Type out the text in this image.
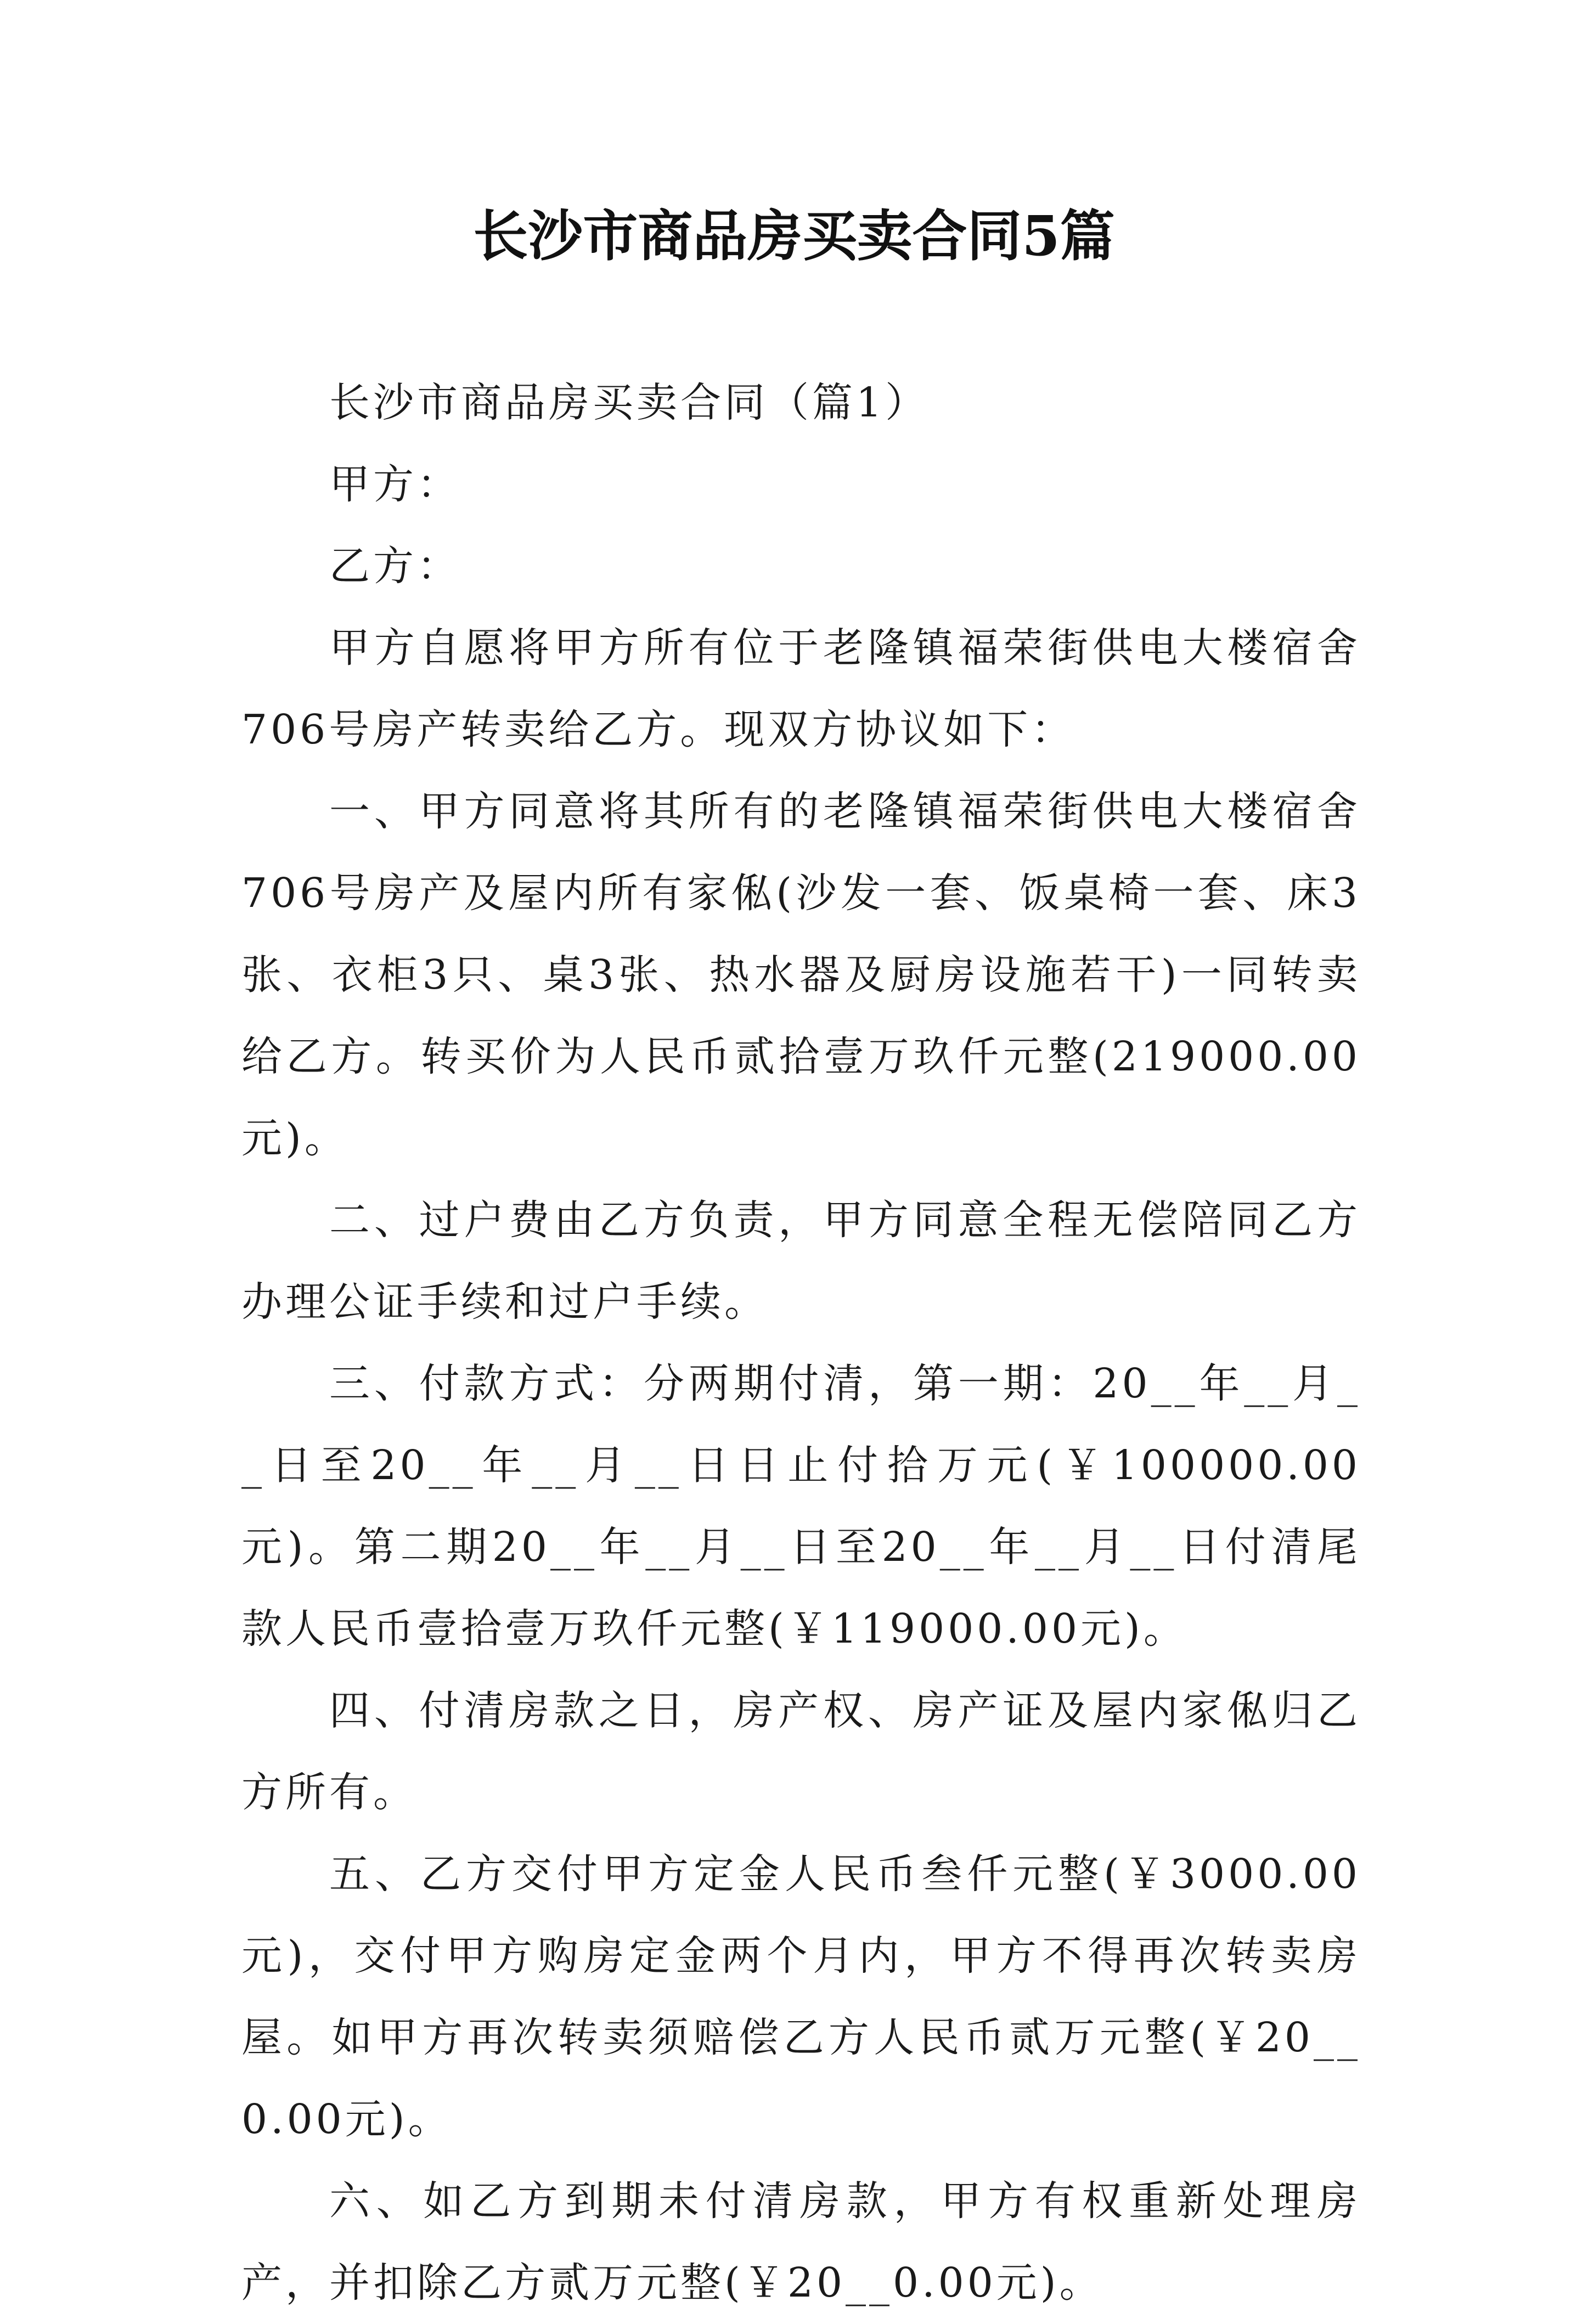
长沙市商品房买卖合同5篇

长沙市商品房买卖合同（篇1）

甲方：

乙方：

甲方自愿将甲方所有位于老隆镇福荣街供电大楼宿舍706号房产转卖给乙方。现双方协议如下：

一、甲方同意将其所有的老隆镇福荣街供电大楼宿舍706号房产及屋内所有家俬(沙发一套、饭桌椅一套、床3张、衣柜3只、桌3张、热水器及厨房设施若干)一同转卖给乙方。转买价为人民币贰拾壹万玖仟元整(219000.00元)。

二、过户费由乙方负责，甲方同意全程无偿陪同乙方办理公证手续和过户手续。

三、付款方式：分两期付清，第一期：20__年__月__日至20__年__月__日日止付拾万元(￥100000.00元)。第二期20__年__月__日至20__年__月__日付清尾款人民币壹拾壹万玖仟元整(￥119000.00元)。

四、付清房款之日，房产权、房产证及屋内家俬归乙方所有。

五、乙方交付甲方定金人民币叁仟元整(￥3000.00元)，交付甲方购房定金两个月内，甲方不得再次转卖房屋。如甲方再次转卖须赔偿乙方人民币贰万元整(￥20__0.00元)。

六、如乙方到期未付清房款，甲方有权重新处理房产，并扣除乙方贰万元整(￥20__0.00元)。
